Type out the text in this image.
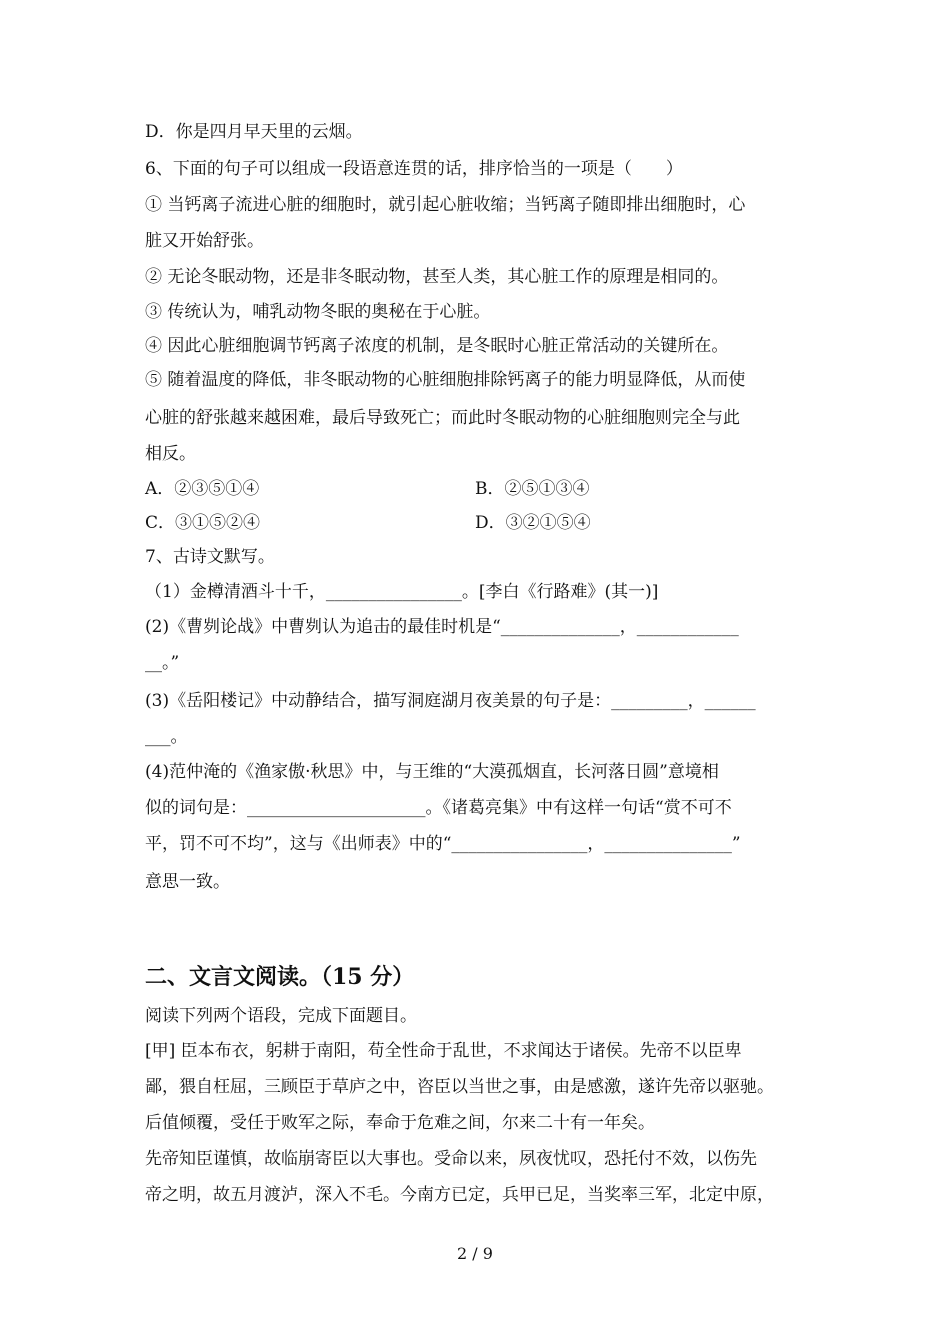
D．你是四月早天里的云烟。
6、下面的句子可以组成一段语意连贯的话，排序恰当的一项是（　　）
① 当钙离子流进心脏的细胞时，就引起心脏收缩；当钙离子随即排出细胞时，心
脏又开始舒张。
② 无论冬眠动物，还是非冬眠动物，甚至人类，其心脏工作的原理是相同的。
③ 传统认为，哺乳动物冬眠的奥秘在于心脏。
④ 因此心脏细胞调节钙离子浓度的机制，是冬眠时心脏正常活动的关键所在。
⑤ 随着温度的降低，非冬眠动物的心脏细胞排除钙离子的能力明显降低，从而使
心脏的舒张越来越困难，最后导致死亡；而此时冬眠动物的心脏细胞则完全与此
相反。
A．②③⑤①④	B．②⑤①③④
C．③①⑤②④	D．③②①⑤④
7、古诗文默写。
（1）金樽清酒斗十千，________________。[李白《行路难》(其一)]
(2)《曹刿论战》中曹刿认为追击的最佳时机是“______________，____________
__。”
(3)《岳阳楼记》中动静结合，描写洞庭湖月夜美景的句子是：_________，______
___。
(4)范仲淹的《渔家傲·秋思》中，与王维的“大漠孤烟直，长河落日圆”意境相
似的词句是：_____________________。《诸葛亮集》中有这样一句话“赏不可不
平，罚不可不均”，这与《出师表》中的“________________，_______________”
意思一致。
二、文言文阅读。（15 分）
阅读下列两个语段，完成下面题目。
[甲] 臣本布衣，躬耕于南阳，苟全性命于乱世，不求闻达于诸侯。先帝不以臣卑
鄙，猥自枉屈，三顾臣于草庐之中，咨臣以当世之事，由是感激，遂许先帝以驱驰。
后值倾覆，受任于败军之际，奉命于危难之间，尔来二十有一年矣。
先帝知臣谨慎，故临崩寄臣以大事也。受命以来，夙夜忧叹，恐托付不效，以伤先
帝之明，故五月渡泸，深入不毛。今南方已定，兵甲已足，当奖率三军，北定中原，
2 / 9
